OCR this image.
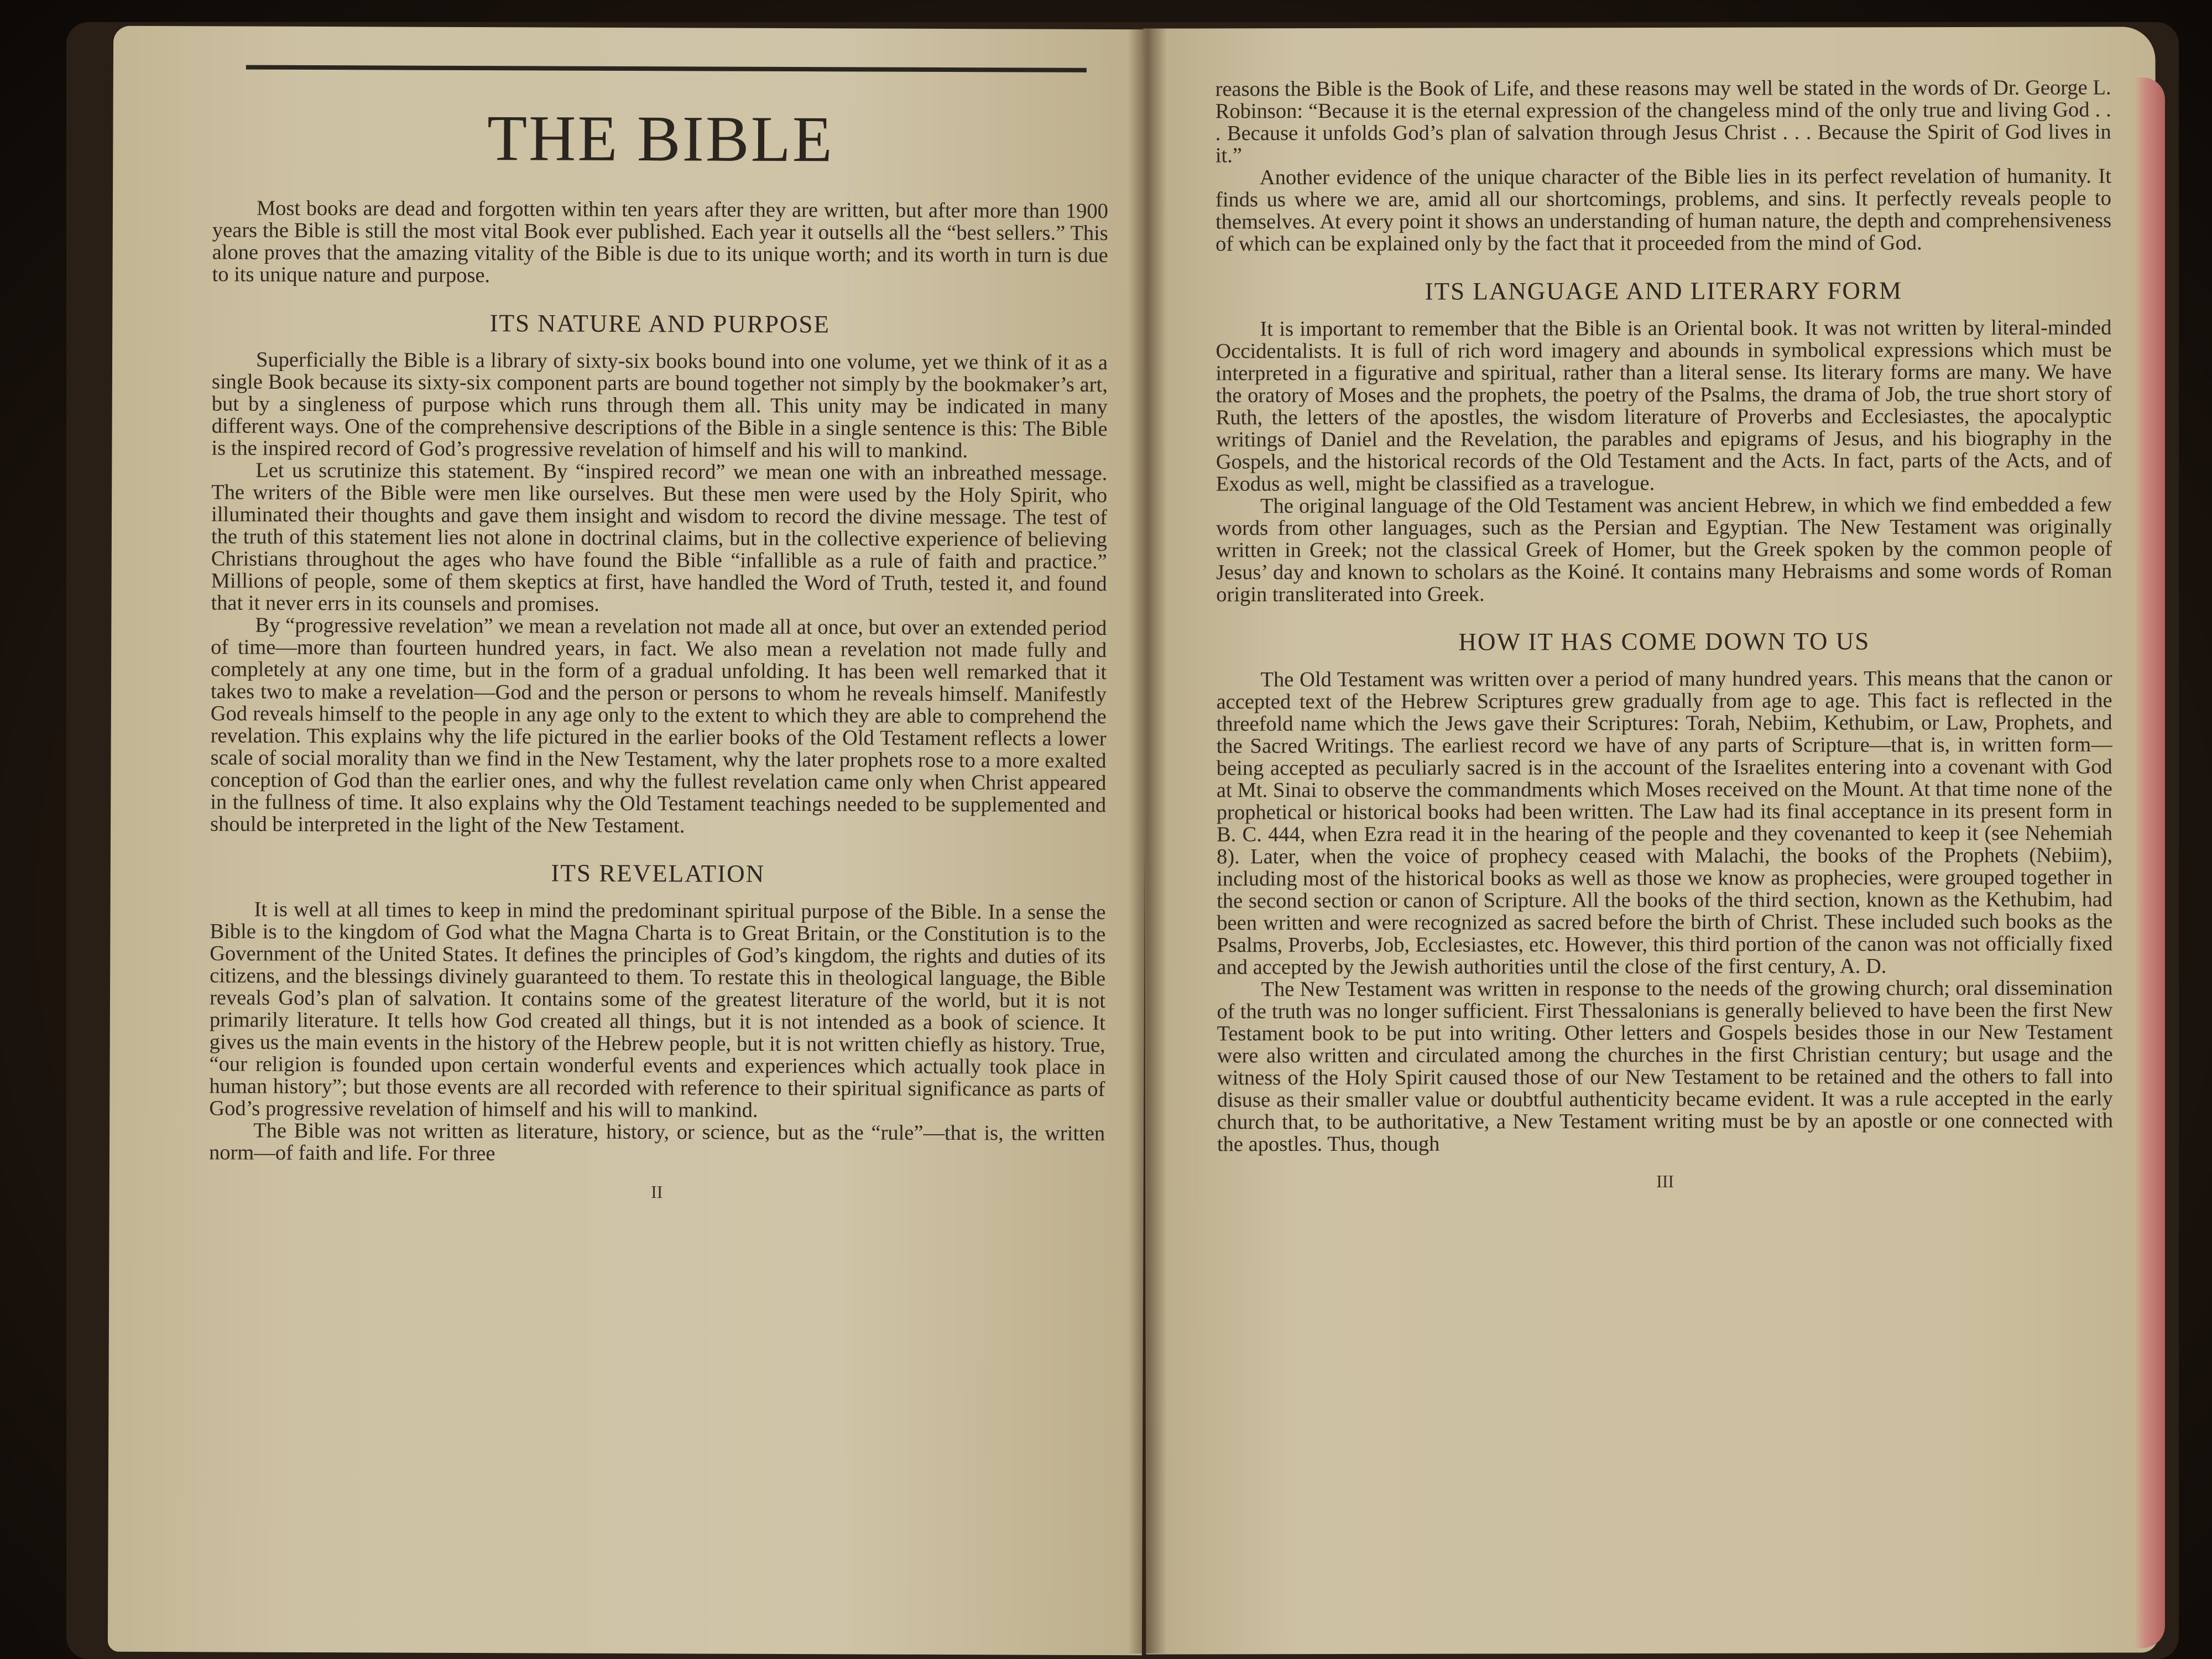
THE BIBLE

Most books are dead and forgotten within ten years after they are written, but after more than 1900 years the Bible is still the most vital Book ever published. Each year it outsells all the “best sellers.” This alone proves that the amazing vitality of the Bible is due to its unique worth; and its worth in turn is due to its unique nature and purpose.

ITS NATURE AND PURPOSE

Superficially the Bible is a library of sixty-six books bound into one volume, yet we think of it as a single Book because its sixty-six component parts are bound together not simply by the bookmaker’s art, but by a singleness of purpose which runs through them all. This unity may be indicated in many different ways. One of the comprehensive descriptions of the Bible in a single sentence is this: The Bible is the inspired record of God’s progressive revelation of himself and his will to mankind.

Let us scrutinize this statement. By “inspired record” we mean one with an inbreathed message. The writers of the Bible were men like ourselves. But these men were used by the Holy Spirit, who illuminated their thoughts and gave them insight and wisdom to record the divine message. The test of the truth of this statement lies not alone in doctrinal claims, but in the collective experience of believing Christians throughout the ages who have found the Bible “infallible as a rule of faith and practice.” Millions of people, some of them skeptics at first, have handled the Word of Truth, tested it, and found that it never errs in its counsels and promises.

By “progressive revelation” we mean a revelation not made all at once, but over an extended period of time—more than fourteen hundred years, in fact. We also mean a revelation not made fully and completely at any one time, but in the form of a gradual unfolding. It has been well remarked that it takes two to make a revelation—God and the person or persons to whom he reveals himself. Manifestly God reveals himself to the people in any age only to the extent to which they are able to comprehend the revelation. This explains why the life pictured in the earlier books of the Old Testament reflects a lower scale of social morality than we find in the New Testament, why the later prophets rose to a more exalted conception of God than the earlier ones, and why the fullest revelation came only when Christ appeared in the fullness of time. It also explains why the Old Testament teachings needed to be supplemented and should be interpreted in the light of the New Testament.

ITS REVELATION

It is well at all times to keep in mind the predominant spiritual purpose of the Bible. In a sense the Bible is to the kingdom of God what the Magna Charta is to Great Britain, or the Constitution is to the Government of the United States. It defines the principles of God’s kingdom, the rights and duties of its citizens, and the blessings divinely guaranteed to them. To restate this in theological language, the Bible reveals God’s plan of salvation. It contains some of the greatest literature of the world, but it is not primarily literature. It tells how God created all things, but it is not intended as a book of science. It gives us the main events in the history of the Hebrew people, but it is not written chiefly as history. True, “our religion is founded upon certain wonderful events and experiences which actually took place in human history”; but those events are all recorded with reference to their spiritual significance as parts of God’s progressive revelation of himself and his will to mankind.

The Bible was not written as literature, history, or science, but as the “rule”—that is, the written norm—of faith and life. For three

II

reasons the Bible is the Book of Life, and these reasons may well be stated in the words of Dr. George L. Robinson: “Because it is the eternal expression of the changeless mind of the only true and living God . . . Because it unfolds God’s plan of salvation through Jesus Christ . . . Because the Spirit of God lives in it.”

Another evidence of the unique character of the Bible lies in its perfect revelation of humanity. It finds us where we are, amid all our shortcomings, problems, and sins. It perfectly reveals people to themselves. At every point it shows an understanding of human nature, the depth and comprehensiveness of which can be explained only by the fact that it proceeded from the mind of God.

ITS LANGUAGE AND LITERARY FORM

It is important to remember that the Bible is an Oriental book. It was not written by literal-minded Occidentalists. It is full of rich word imagery and abounds in symbolical expressions which must be interpreted in a figurative and spiritual, rather than a literal sense. Its literary forms are many. We have the oratory of Moses and the prophets, the poetry of the Psalms, the drama of Job, the true short story of Ruth, the letters of the apostles, the wisdom literature of Proverbs and Ecclesiastes, the apocalyptic writings of Daniel and the Revelation, the parables and epigrams of Jesus, and his biography in the Gospels, and the historical records of the Old Testament and the Acts. In fact, parts of the Acts, and of Exodus as well, might be classified as a travelogue.

The original language of the Old Testament was ancient Hebrew, in which we find embedded a few words from other languages, such as the Persian and Egyptian. The New Testament was originally written in Greek; not the classical Greek of Homer, but the Greek spoken by the common people of Jesus’ day and known to scholars as the Koiné. It contains many Hebraisms and some words of Roman origin transliterated into Greek.

HOW IT HAS COME DOWN TO US

The Old Testament was written over a period of many hundred years. This means that the canon or accepted text of the Hebrew Scriptures grew gradually from age to age. This fact is reflected in the threefold name which the Jews gave their Scriptures: Torah, Nebiim, Kethubim, or Law, Prophets, and the Sacred Writings. The earliest record we have of any parts of Scripture—that is, in written form—being accepted as peculiarly sacred is in the account of the Israelites entering into a covenant with God at Mt. Sinai to observe the commandments which Moses received on the Mount. At that time none of the prophetical or historical books had been written. The Law had its final acceptance in its present form in B. C. 444, when Ezra read it in the hearing of the people and they covenanted to keep it (see Nehemiah 8). Later, when the voice of prophecy ceased with Malachi, the books of the Prophets (Nebiim), including most of the historical books as well as those we know as prophecies, were grouped together in the second section or canon of Scripture. All the books of the third section, known as the Kethubim, had been written and were recognized as sacred before the birth of Christ. These included such books as the Psalms, Proverbs, Job, Ecclesiastes, etc. However, this third portion of the canon was not officially fixed and accepted by the Jewish authorities until the close of the first century, A. D.

The New Testament was written in response to the needs of the growing church; oral dissemination of the truth was no longer sufficient. First Thessalonians is generally believed to have been the first New Testament book to be put into writing. Other letters and Gospels besides those in our New Testament were also written and circulated among the churches in the first Christian century; but usage and the witness of the Holy Spirit caused those of our New Testament to be retained and the others to fall into disuse as their smaller value or doubtful authenticity became evident. It was a rule accepted in the early church that, to be authoritative, a New Testament writing must be by an apostle or one connected with the apostles. Thus, though

III
